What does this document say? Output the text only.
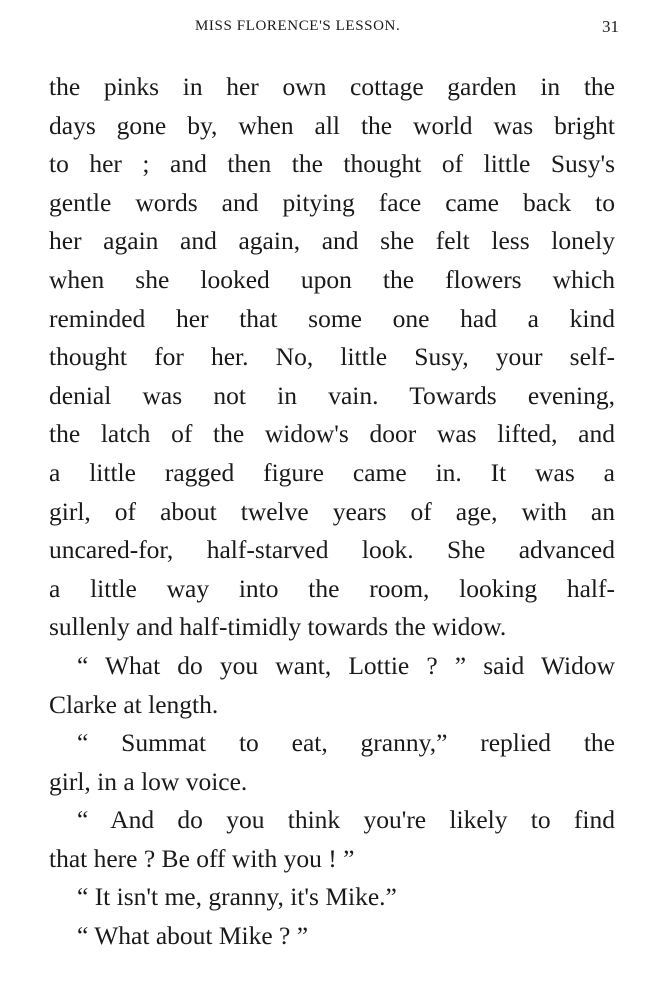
MISS FLORENCE'S LESSON.	31
the pinks in her own cottage garden in the
days gone by, when all the world was bright
to her ; and then the thought of little Susy's
gentle words and pitying face came back to
her again and again, and she felt less lonely
when she looked upon the flowers which
reminded her that some one had a kind
thought for her. No, little Susy, your self-
denial was not in vain. Towards evening,
the latch of the widow's door was lifted, and
a little ragged figure came in. It was a
girl, of about twelve years of age, with an
uncared-for, half-starved look. She advanced
a little way into the room, looking half-
sullenly and half-timidly towards the widow.
“ What do you want, Lottie ? ” said Widow
Clarke at length.
“ Summat to eat, granny,” replied the
girl, in a low voice.
“ And do you think you're likely to find
that here ? Be off with you ! ”
“ It isn't me, granny, it's Mike.”
“ What about Mike ? ”
